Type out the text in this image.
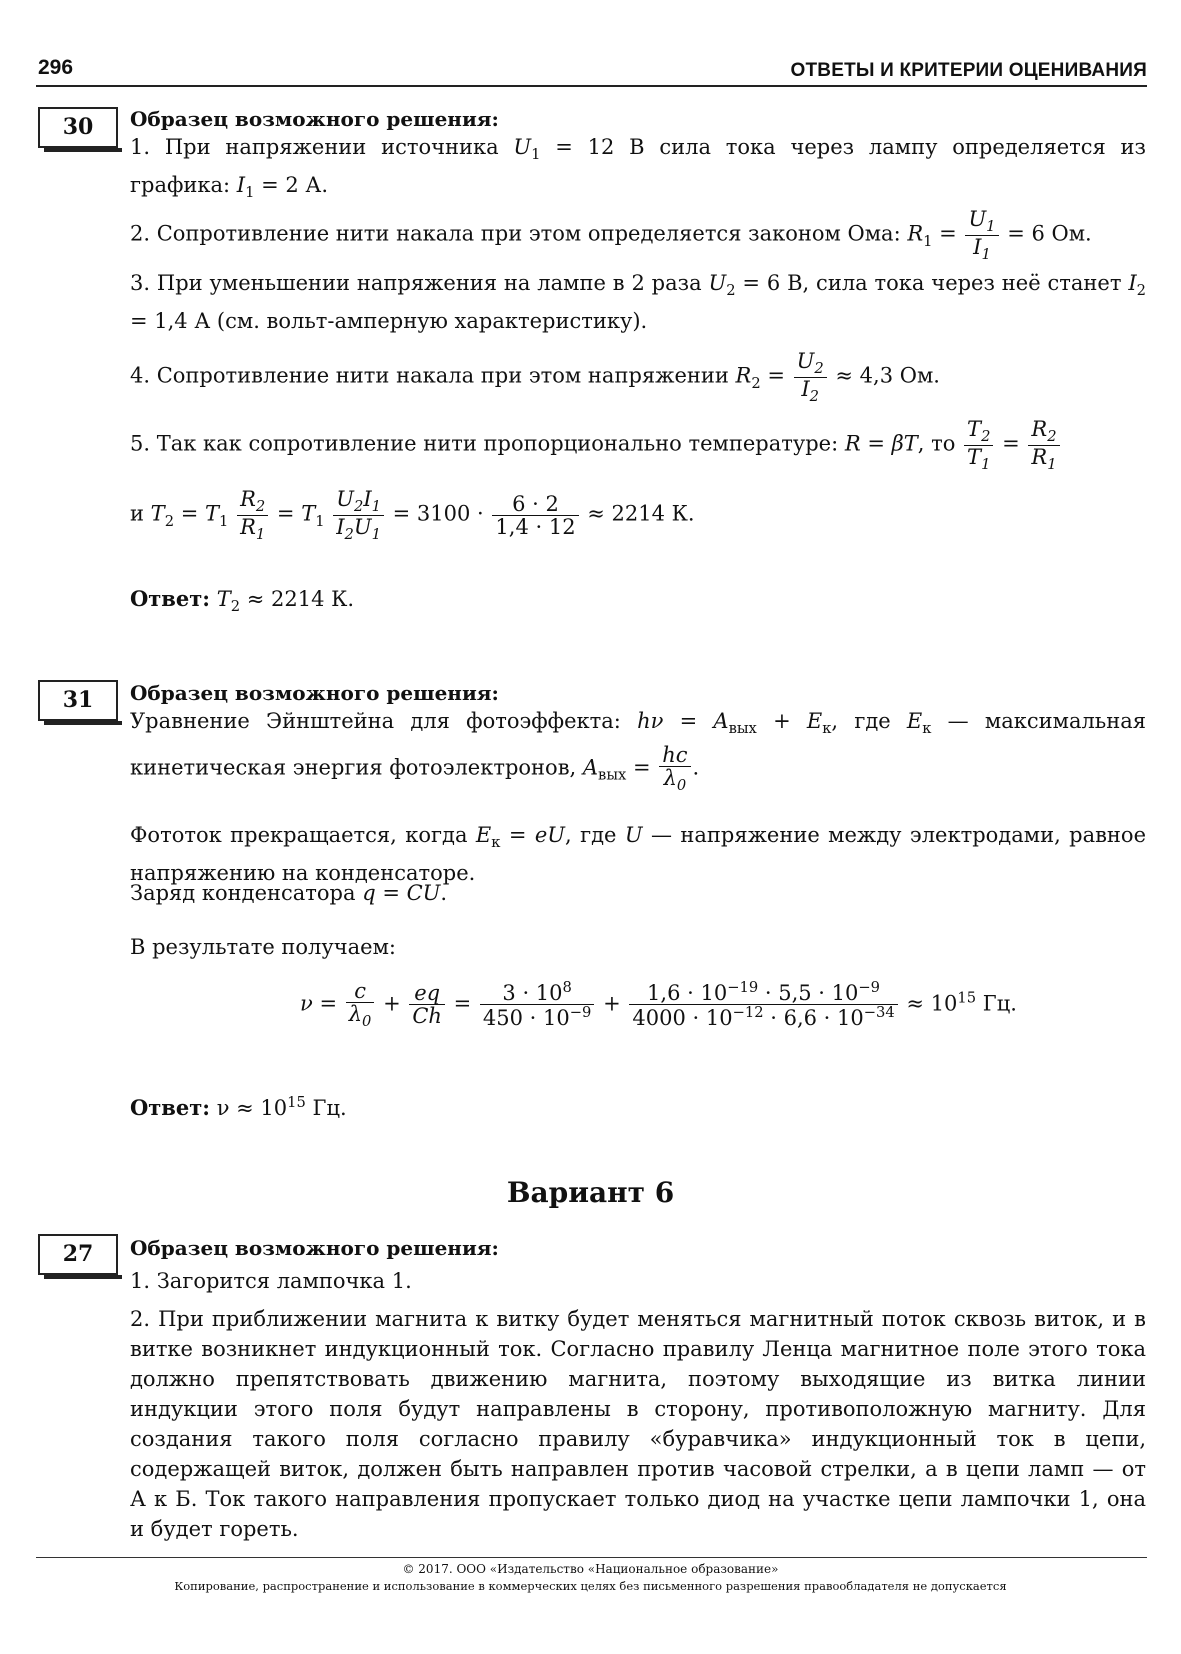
296	ОТВЕТЫ И КРИТЕРИИ ОЦЕНИВАНИЯ
30	Образец возможного решения:
1. При напряжении источника $U_1 = 12$ В сила тока через лампу определяется из графика: $I_1 = 2$ А.
2. Сопротивление нити накала при этом определяется законом Ома: $R_1 = \frac{U_1}{I_1} = 6$ Ом.
3. При уменьшении напряжения на лампе в 2 раза $U_2 = 6$ В, сила тока через неё станет $I_2 = 1,4$ А (см. вольт-амперную характеристику).
4. Сопротивление нити накала при этом напряжении $R_2 = \frac{U_2}{I_2} \approx 4,3$ Ом.
5. Так как сопротивление нити пропорционально температуре: R = βT, то $\frac{T_2}{T_1} = \frac{R_2}{R_1}$
и $T_2 = T_1 \frac{R_2}{R_1} = T_1 \frac{U_2I_1}{I_2U_1} = 3100 \cdot \frac{6 \cdot 2}{1,4 \cdot 12} \approx 2214$ К.
Ответ: $T_2 \approx 2214$ К.
31	Образец возможного решения:
Уравнение Эйнштейна для фотоэффекта: $h\nu = A_{вых} + E_к$, где $E_к$ — максимальная кинетическая энергия фотоэлектронов, $A_{вых} = \frac{hc}{\lambda_0}$ .
Фототок прекращается, когда $E_к$ = eU, где U — напряжение между электродами, равное напряжению на конденсаторе.
Заряд конденсатора q = CU.
В результате получаем:
$\nu = \frac{c}{\lambda_0} + \frac{eq}{Ch} = \frac{3 \cdot 10^8}{450 \cdot 10^{-9}} + \frac{1,6 \cdot 10^{-19} \cdot 5,5 \cdot 10^{-9}}{4000 \cdot 10^{-12} \cdot 6,6 \cdot 10^{-34}} \approx 10^{15}$ Гц.
Ответ: $\nu \approx 10^{15}$ Гц.
Вариант 6
27	Образец возможного решения:
1. Загорится лампочка 1.
2. При приближении магнита к витку будет меняться магнитный поток сквозь виток, и в витке возникнет индукционный ток. Согласно правилу Ленца магнитное поле этого тока должно препятствовать движению магнита, поэтому выходящие из витка линии индукции этого поля будут направлены в сторону, противоположную магниту. Для создания такого поля согласно правилу «буравчика» индукционный ток в цепи, содержащей виток, должен быть направлен против часовой стрелки, а в цепи ламп — от А к Б. Ток такого направления пропускает только диод на участке цепи лампочки 1, она и будет гореть.
© 2017. ООО «Издательство «Национальное образование»
Копирование, распространение и использование в коммерческих целях без письменного разрешения правообладателя не допускается
